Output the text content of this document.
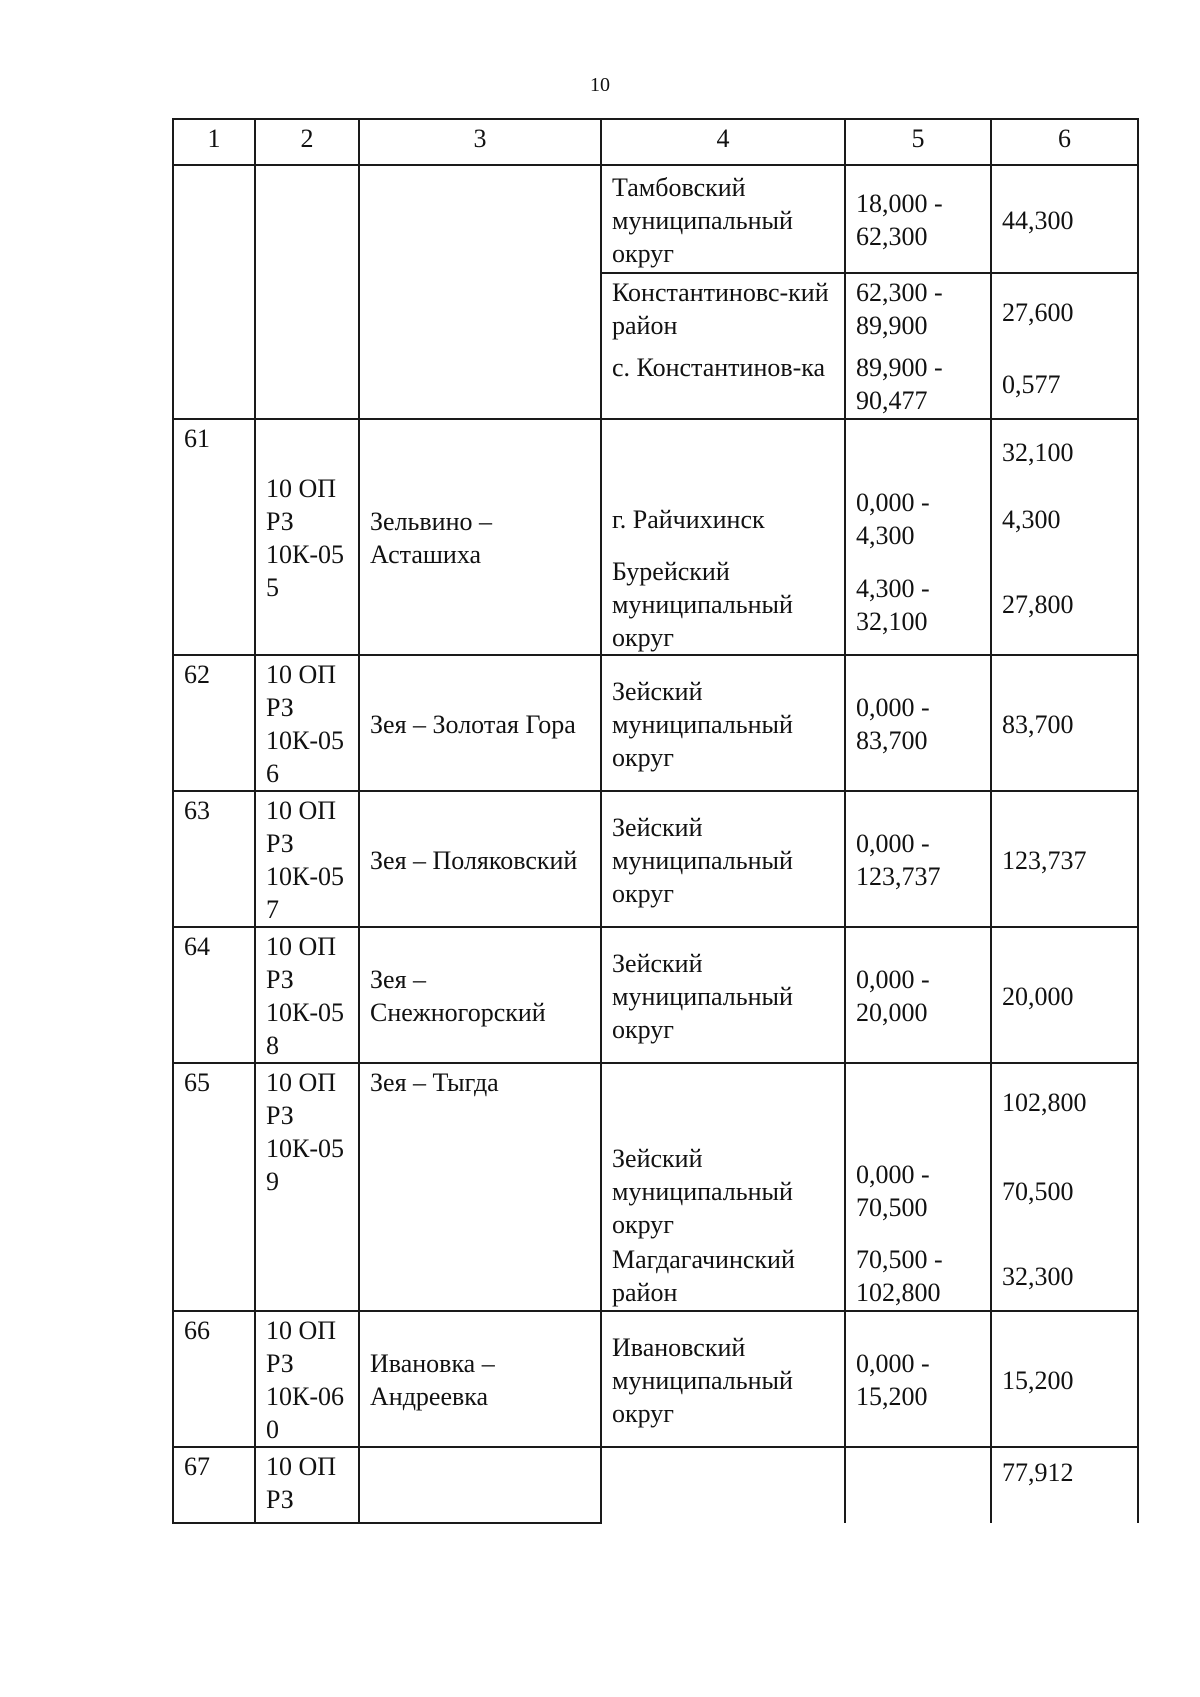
10
1	2	3	4	5	6
			Тамбовский муниципальный округ	18,000 - 62,300	44,300
			Константиновс-кий район	62,300 - 89,900	27,600
			с. Константинов-ка	89,900 - 90,477	0,577
61	10 ОП РЗ 10К-055	Зельвино – Асташиха			32,100
			г. Райчихинск	0,000 - 4,300	4,300
			Бурейский муниципальный округ	4,300 - 32,100	27,800
62	10 ОП РЗ 10К-056	Зея – Золотая Гора	Зейский муниципальный округ	0,000 - 83,700	83,700
63	10 ОП РЗ 10К-057	Зея – Поляковский	Зейский муниципальный округ	0,000 - 123,737	123,737
64	10 ОП РЗ 10К-058	Зея – Снежногорский	Зейский муниципальный округ	0,000 - 20,000	20,000
65	10 ОП РЗ 10К-059	Зея – Тыгда			102,800
			Зейский муниципальный округ	0,000 - 70,500	70,500
			Магдагачинский район	70,500 - 102,800	32,300
66	10 ОП РЗ 10К-060	Ивановка – Андреевка	Ивановский муниципальный округ	0,000 - 15,200	15,200
67	10 ОП РЗ				77,912
